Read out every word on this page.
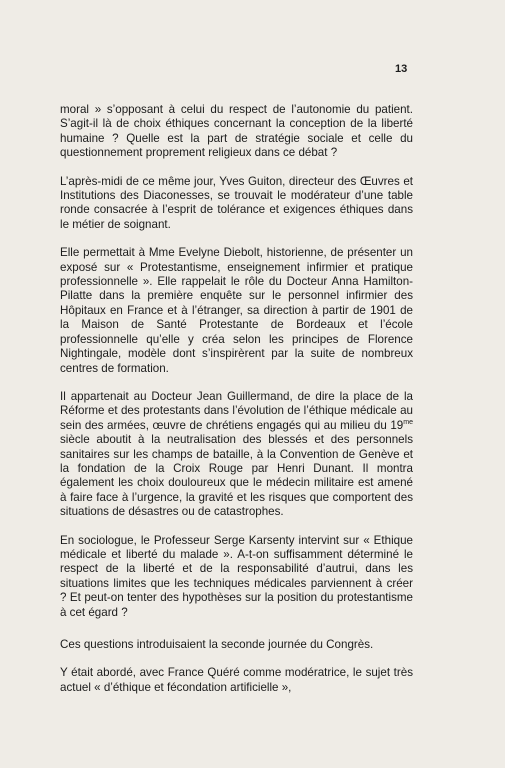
13

moral » s’opposant à celui du respect de l’autonomie du patient. S’agit-il là de choix éthiques concernant la conception de la liberté humaine ? Quelle est la part de stratégie sociale et celle du questionnement proprement religieux dans ce débat ?

L’après-midi de ce même jour, Yves Guiton, directeur des Œuvres et Institutions des Diaconesses, se trouvait le modérateur d’une table ronde consacrée à l’esprit de tolérance et exigences éthiques dans le métier de soignant.

Elle permettait à Mme Evelyne Diebolt, historienne, de présenter un exposé sur « Protestantisme, enseignement infirmier et pratique professionnelle ». Elle rappelait le rôle du Docteur Anna Hamilton-Pilatte dans la première enquête sur le personnel infirmier des Hôpitaux en France et à l’étranger, sa direction à partir de 1901 de la Maison de Santé Protestante de Bordeaux et l’école professionnelle qu’elle y créa selon les principes de Florence Nightingale, modèle dont s’inspirèrent par la suite de nombreux centres de formation.

Il appartenait au Docteur Jean Guillermand, de dire la place de la Réforme et des protestants dans l’évolution de l’éthique médicale au sein des armées, œuvre de chrétiens engagés qui au milieu du $19^{me}$ siècle aboutit à la neutralisation des blessés et des personnels sanitaires sur les champs de bataille, à la Convention de Genève et la fondation de la Croix Rouge par Henri Dunant. Il montra également les choix douloureux que le médecin militaire est amené à faire face à l’urgence, la gravité et les risques que comportent des situations de désastres ou de catastrophes.

En sociologue, le Professeur Serge Karsenty intervint sur « Ethique médicale et liberté du malade ». A-t-on suffisamment déterminé le respect de la liberté et de la responsabilité d’autrui, dans les situations limites que les techniques médicales parviennent à créer ? Et peut-on tenter des hypothèses sur la position du protestantisme à cet égard ?

Ces questions introduisaient la seconde journée du Congrès.

Y était abordé, avec France Quéré comme modératrice, le sujet très actuel « d’éthique et fécondation artificielle »,
